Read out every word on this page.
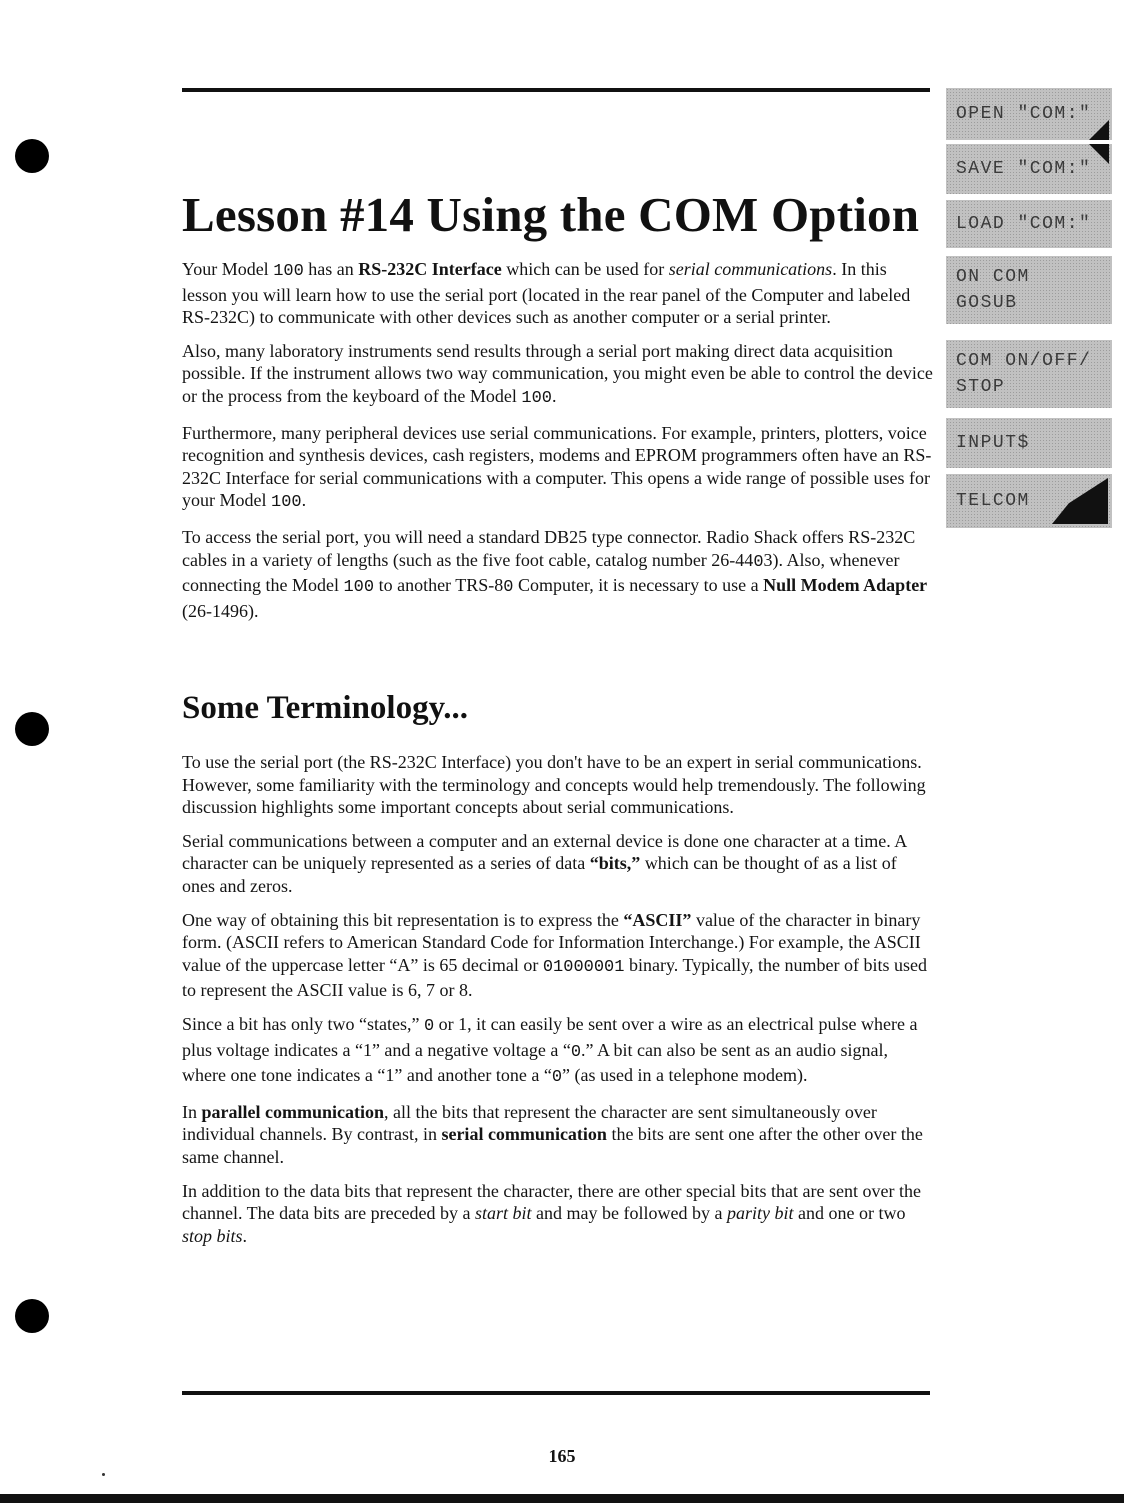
Lesson #14 Using the COM Option

Your Model 100 has an RS-232C Interface which can be used for serial communications. In this lesson you will learn how to use the serial port (located in the rear panel of the Computer and labeled RS-232C) to communicate with other devices such as another computer or a serial printer.

Also, many laboratory instruments send results through a serial port making direct data acquisition possible. If the instrument allows two way communication, you might even be able to control the device or the process from the keyboard of the Model 100.

Furthermore, many peripheral devices use serial communications. For example, printers, plotters, voice recognition and synthesis devices, cash registers, modems and EPROM programmers often have an RS-232C Interface for serial communications with a computer. This opens a wide range of possible uses for your Model 100.

To access the serial port, you will need a standard DB25 type connector. Radio Shack offers RS-232C cables in a variety of lengths (such as the five foot cable, catalog number 26-4403). Also, whenever connecting the Model 100 to another TRS-80 Computer, it is necessary to use a Null Modem Adapter (26-1496).

Some Terminology...

To use the serial port (the RS-232C Interface) you don't have to be an expert in serial communications. However, some familiarity with the terminology and concepts would help tremendously. The following discussion highlights some important concepts about serial communications.

Serial communications between a computer and an external device is done one character at a time. A character can be uniquely represented as a series of data “bits,” which can be thought of as a list of ones and zeros.

One way of obtaining this bit representation is to express the “ASCII” value of the character in binary form. (ASCII refers to American Standard Code for Information Interchange.) For example, the ASCII value of the uppercase letter “A” is 65 decimal or 01000001 binary. Typically, the number of bits used to represent the ASCII value is 6, 7 or 8.

Since a bit has only two “states,” 0 or 1, it can easily be sent over a wire as an electrical pulse where a plus voltage indicates a “1” and a negative voltage a “0.” A bit can also be sent as an audio signal, where one tone indicates a “1” and another tone a “0” (as used in a telephone modem).

In parallel communication, all the bits that represent the character are sent simultaneously over individual channels. By contrast, in serial communication the bits are sent one after the other over the same channel.

In addition to the data bits that represent the character, there are other special bits that are sent over the channel. The data bits are preceded by a start bit and may be followed by a parity bit and one or two stop bits.

165
OPEN "COM:"
SAVE "COM:"
LOAD "COM:"
ON COM
GOSUB
COM ON/OFF/
STOP
INPUT$
TELCOM
